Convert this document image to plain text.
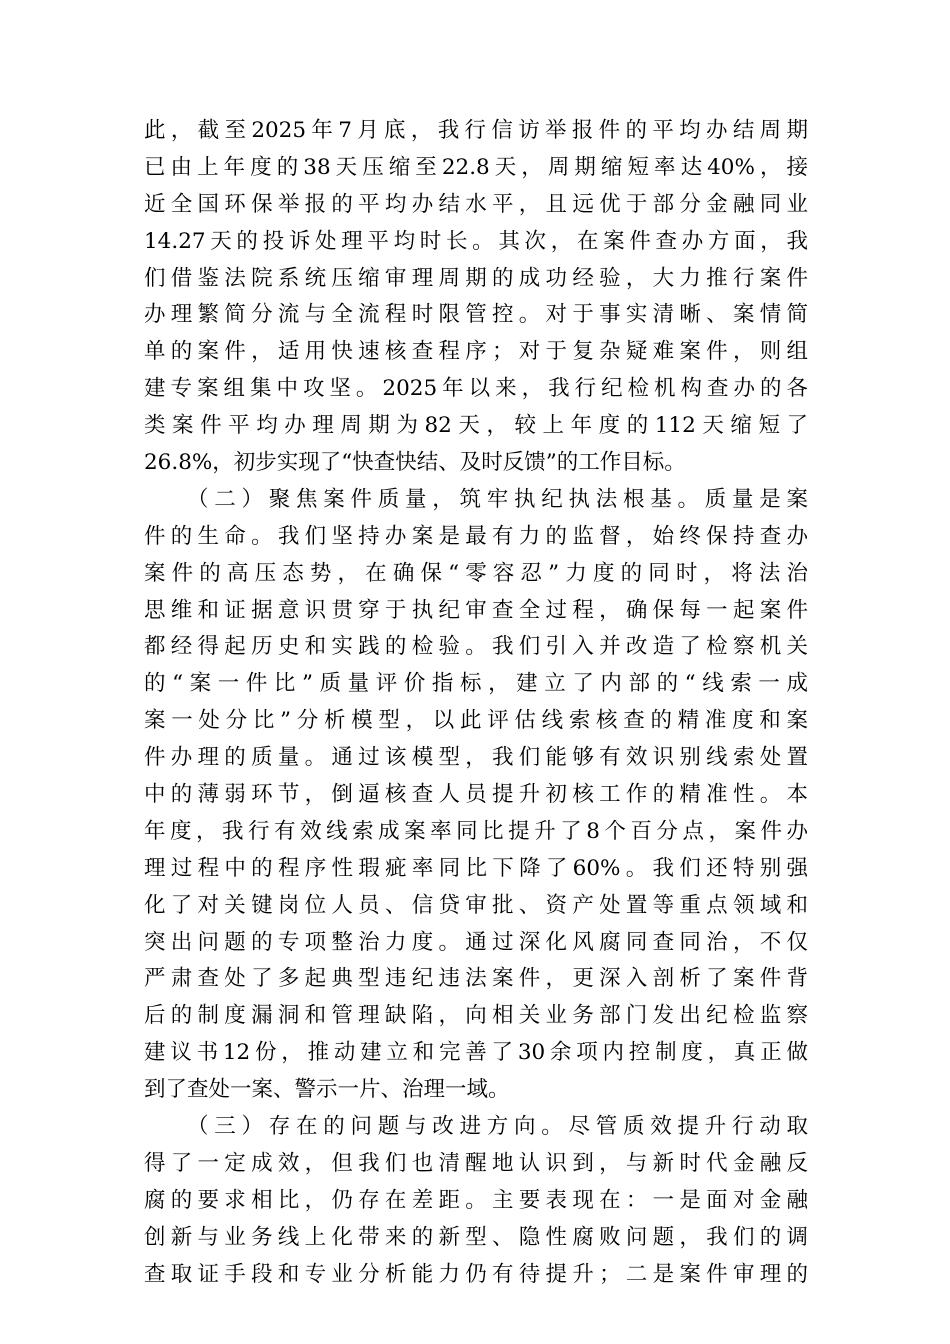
此，截至2025年7月底，我行信访举报件的平均办结周期
已由上年度的38天压缩至22.8天，周期缩短率达40%，接
近全国环保举报的平均办结水平，且远优于部分金融同业
14.27天的投诉处理平均时长。其次，在案件查办方面，我
们借鉴法院系统压缩审理周期的成功经验，大力推行案件
办理繁简分流与全流程时限管控。对于事实清晰、案情简
单的案件，适用快速核查程序；对于复杂疑难案件，则组
建专案组集中攻坚。2025年以来，我行纪检机构查办的各
类案件平均办理周期为82天，较上年度的112天缩短了
26.8%，初步实现了“快查快结、及时反馈”的工作目标。
（二）聚焦案件质量，筑牢执纪执法根基。质量是案
件的生命。我们坚持办案是最有力的监督，始终保持查办
案件的高压态势，在确保“零容忍”力度的同时，将法治
思维和证据意识贯穿于执纪审查全过程，确保每一起案件
都经得起历史和实践的检验。我们引入并改造了检察机关
的“案一件比”质量评价指标，建立了内部的“线索一成
案一处分比”分析模型，以此评估线索核查的精准度和案
件办理的质量。通过该模型，我们能够有效识别线索处置
中的薄弱环节，倒逼核查人员提升初核工作的精准性。本
年度，我行有效线索成案率同比提升了8个百分点，案件办
理过程中的程序性瑕疵率同比下降了60%。我们还特别强
化了对关键岗位人员、信贷审批、资产处置等重点领域和
突出问题的专项整治力度。通过深化风腐同查同治，不仅
严肃查处了多起典型违纪违法案件，更深入剖析了案件背
后的制度漏洞和管理缺陷，向相关业务部门发出纪检监察
建议书12份，推动建立和完善了30余项内控制度，真正做
到了查处一案、警示一片、治理一域。
（三）存在的问题与改进方向。尽管质效提升行动取
得了一定成效，但我们也清醒地认识到，与新时代金融反
腐的要求相比，仍存在差距。主要表现在：一是面对金融
创新与业务线上化带来的新型、隐性腐败问题，我们的调
查取证手段和专业分析能力仍有待提升；二是案件审理的
